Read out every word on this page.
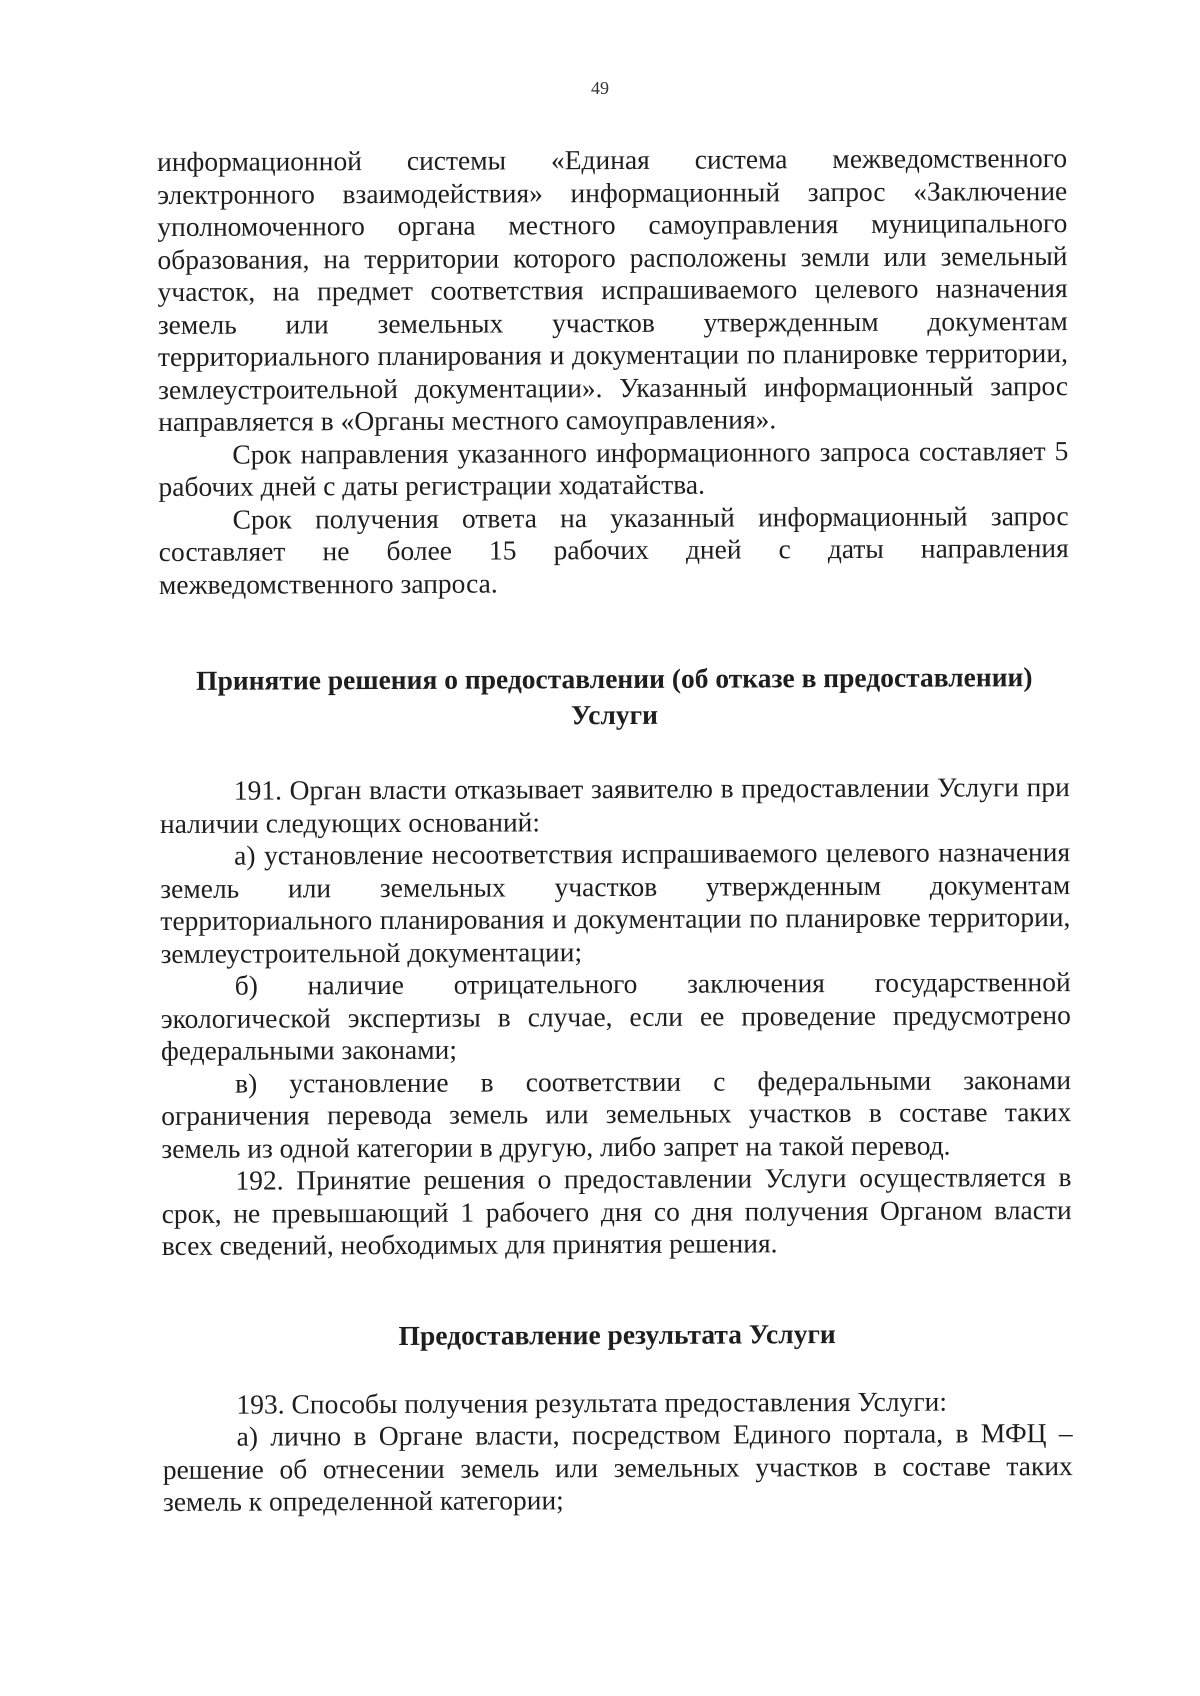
49

информационной системы «Единая система межведомственного электронного взаимодействия» информационный запрос «Заключение уполномоченного органа местного самоуправления муниципального образования, на территории которого расположены земли или земельный участок, на предмет соответствия испрашиваемого целевого назначения земель или земельных участков утвержденным документам территориального планирования и документации по планировке территории, землеустроительной документации». Указанный информационный запрос направляется в «Органы местного самоуправления».

Срок направления указанного информационного запроса составляет 5 рабочих дней с даты регистрации ходатайства.

Срок получения ответа на указанный информационный запрос составляет не более 15 рабочих дней с даты направления межведомственного запроса.

Принятие решения о предоставлении (об отказе в предоставлении)
Услуги

191. Орган власти отказывает заявителю в предоставлении Услуги при наличии следующих оснований:

а) установление несоответствия испрашиваемого целевого назначения земель или земельных участков утвержденным документам территориального планирования и документации по планировке территории, землеустроительной документации;

б) наличие отрицательного заключения государственной экологической экспертизы в случае, если ее проведение предусмотрено федеральными законами;

в) установление в соответствии с федеральными законами ограничения перевода земель или земельных участков в составе таких земель из одной категории в другую, либо запрет на такой перевод.

192. Принятие решения о предоставлении Услуги осуществляется в срок, не превышающий 1 рабочего дня со дня получения Органом власти всех сведений, необходимых для принятия решения.

Предоставление результата Услуги

193. Способы получения результата предоставления Услуги:

а) лично в Органе власти, посредством Единого портала, в МФЦ – решение об отнесении земель или земельных участков в составе таких земель к определенной категории;
